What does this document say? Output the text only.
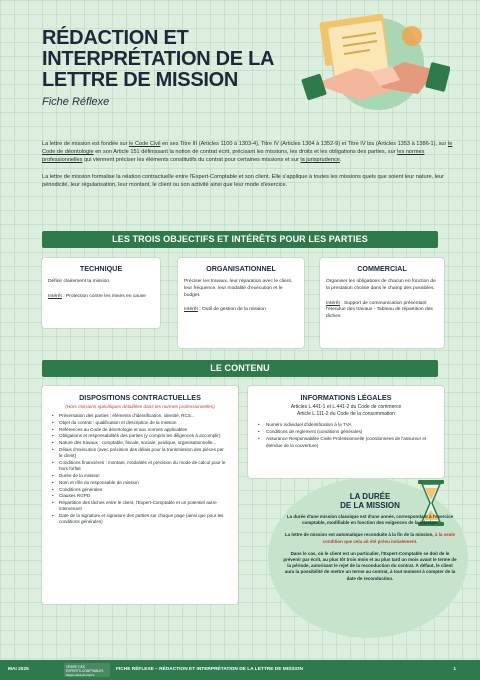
RÉDACTION ET INTERPRÉTATION DE LA LETTRE DE MISSION
Fiche Réflexe

La lettre de mission est fondée sur le Code Civil en ses Titre III (Articles 1100 à 1303-4), Titre IV (Articles 1304 à 1352-9) et Titre IV bis (Articles 1353 à 1386-1), sur le Code de déontologie en son Article 151 définissant la notion de contrat écrit, précisant les missions, les droits et les obligations des parties, sur les normes professionnelles qui viennent préciser les éléments constitutifs du contrat pour certaines missions et sur la jurisprudence.

La lettre de mission formalise la relation contractuelle entre l'Expert-Comptable et son client. Elle s'applique à toutes les missions quels que soient leur nature, leur périodicité, leur régularisation, leur montant, le client ou son activité ainsi que leur mode d'exercice.

LES TROIS OBJECTIFS ET INTÉRÊTS POUR LES PARTIES
TECHNIQUE
Définir clairement la mission.
Intérêt : Protection contre les mises en cause
ORGANISATIONNEL
Préciser les travaux, leur réparation avec le client, leur fréquence, leur modalité d'exécution et le budget.
Intérêt : Outil de gestion de la mission
COMMERCIAL
Organiser les obligations de chacun en fonction de la prestation choisie dans le champ des possibles.
Intérêt : Support de communication présentant l'étendue des travaux - Tableau de répartition des tâches
LE CONTENU
DISPOSITIONS CONTRACTUELLES
(Hors missions spécifiques détaillées dans les normes professionnelles)
• Présentation des parties : éléments d'identification, identité, RCS...
• Objet du contrat : qualification et description de la mission
• Références au Code de déontologie et aux normes applicables
• Obligations et responsabilités des parties (y compris les diligences à accomplir)
• Nature des travaux : comptable, fiscale, sociale, juridique, organisationnelle...
• Délais d'exécution (avec précision des délais pour la transmission des pièces par le client)
• Conditions financières : montant, modalités et précision du mode de calcul pour le hors forfait
• Durée de la mission
• Nom et rôle du responsable de mission
• Conditions générales
• Clauses RGPD
• Répartition des tâches entre le client, l'Expert-Comptable et un potentiel autre intervenant
• Date de la signature et signature des parties sur chaque page (ainsi que pour les conditions générales)
INFORMATIONS LÉGALES
Articles L.441-1 et L.441-2 du Code de commerce
Article L.111-2 du Code de la consommation
• Numéro individuel d'identification à la TVA
• Conditions de règlement (conditions générales)
• Assurance Responsabilité Civile Professionnelle (coordonnées de l'assureur et étendue de la couverture)
LA DURÉE
DE LA MISSION

La durée d'une mission classique est d'une année, correspondant à l'exercice comptable, modifiable en fonction des exigences de la mission.

La lettre de mission est automatique reconduite à la fin de la mission, à la seule condition que cela ait été prévu initialement.

Dans le cas, où le client est un particulier, l'Expert-Comptable se doit de le prévenir par écrit, au plus tôt trois mois et au plus tard un mois avant le terme de la période, autorisant le rejet de la reconduction du contrat. À défaut, le client aura la possibilité de mettre un terme au contrat, à tout moment à compter de la date de reconduction.

MAI 2025	ORDRE DES
EXPERTS-COMPTABLES
Région Hauts-de-France
FICHE RÉFLEXE – RÉDACTION ET INTERPRÉTATION DE LA LETTRE DE MISSION	1
